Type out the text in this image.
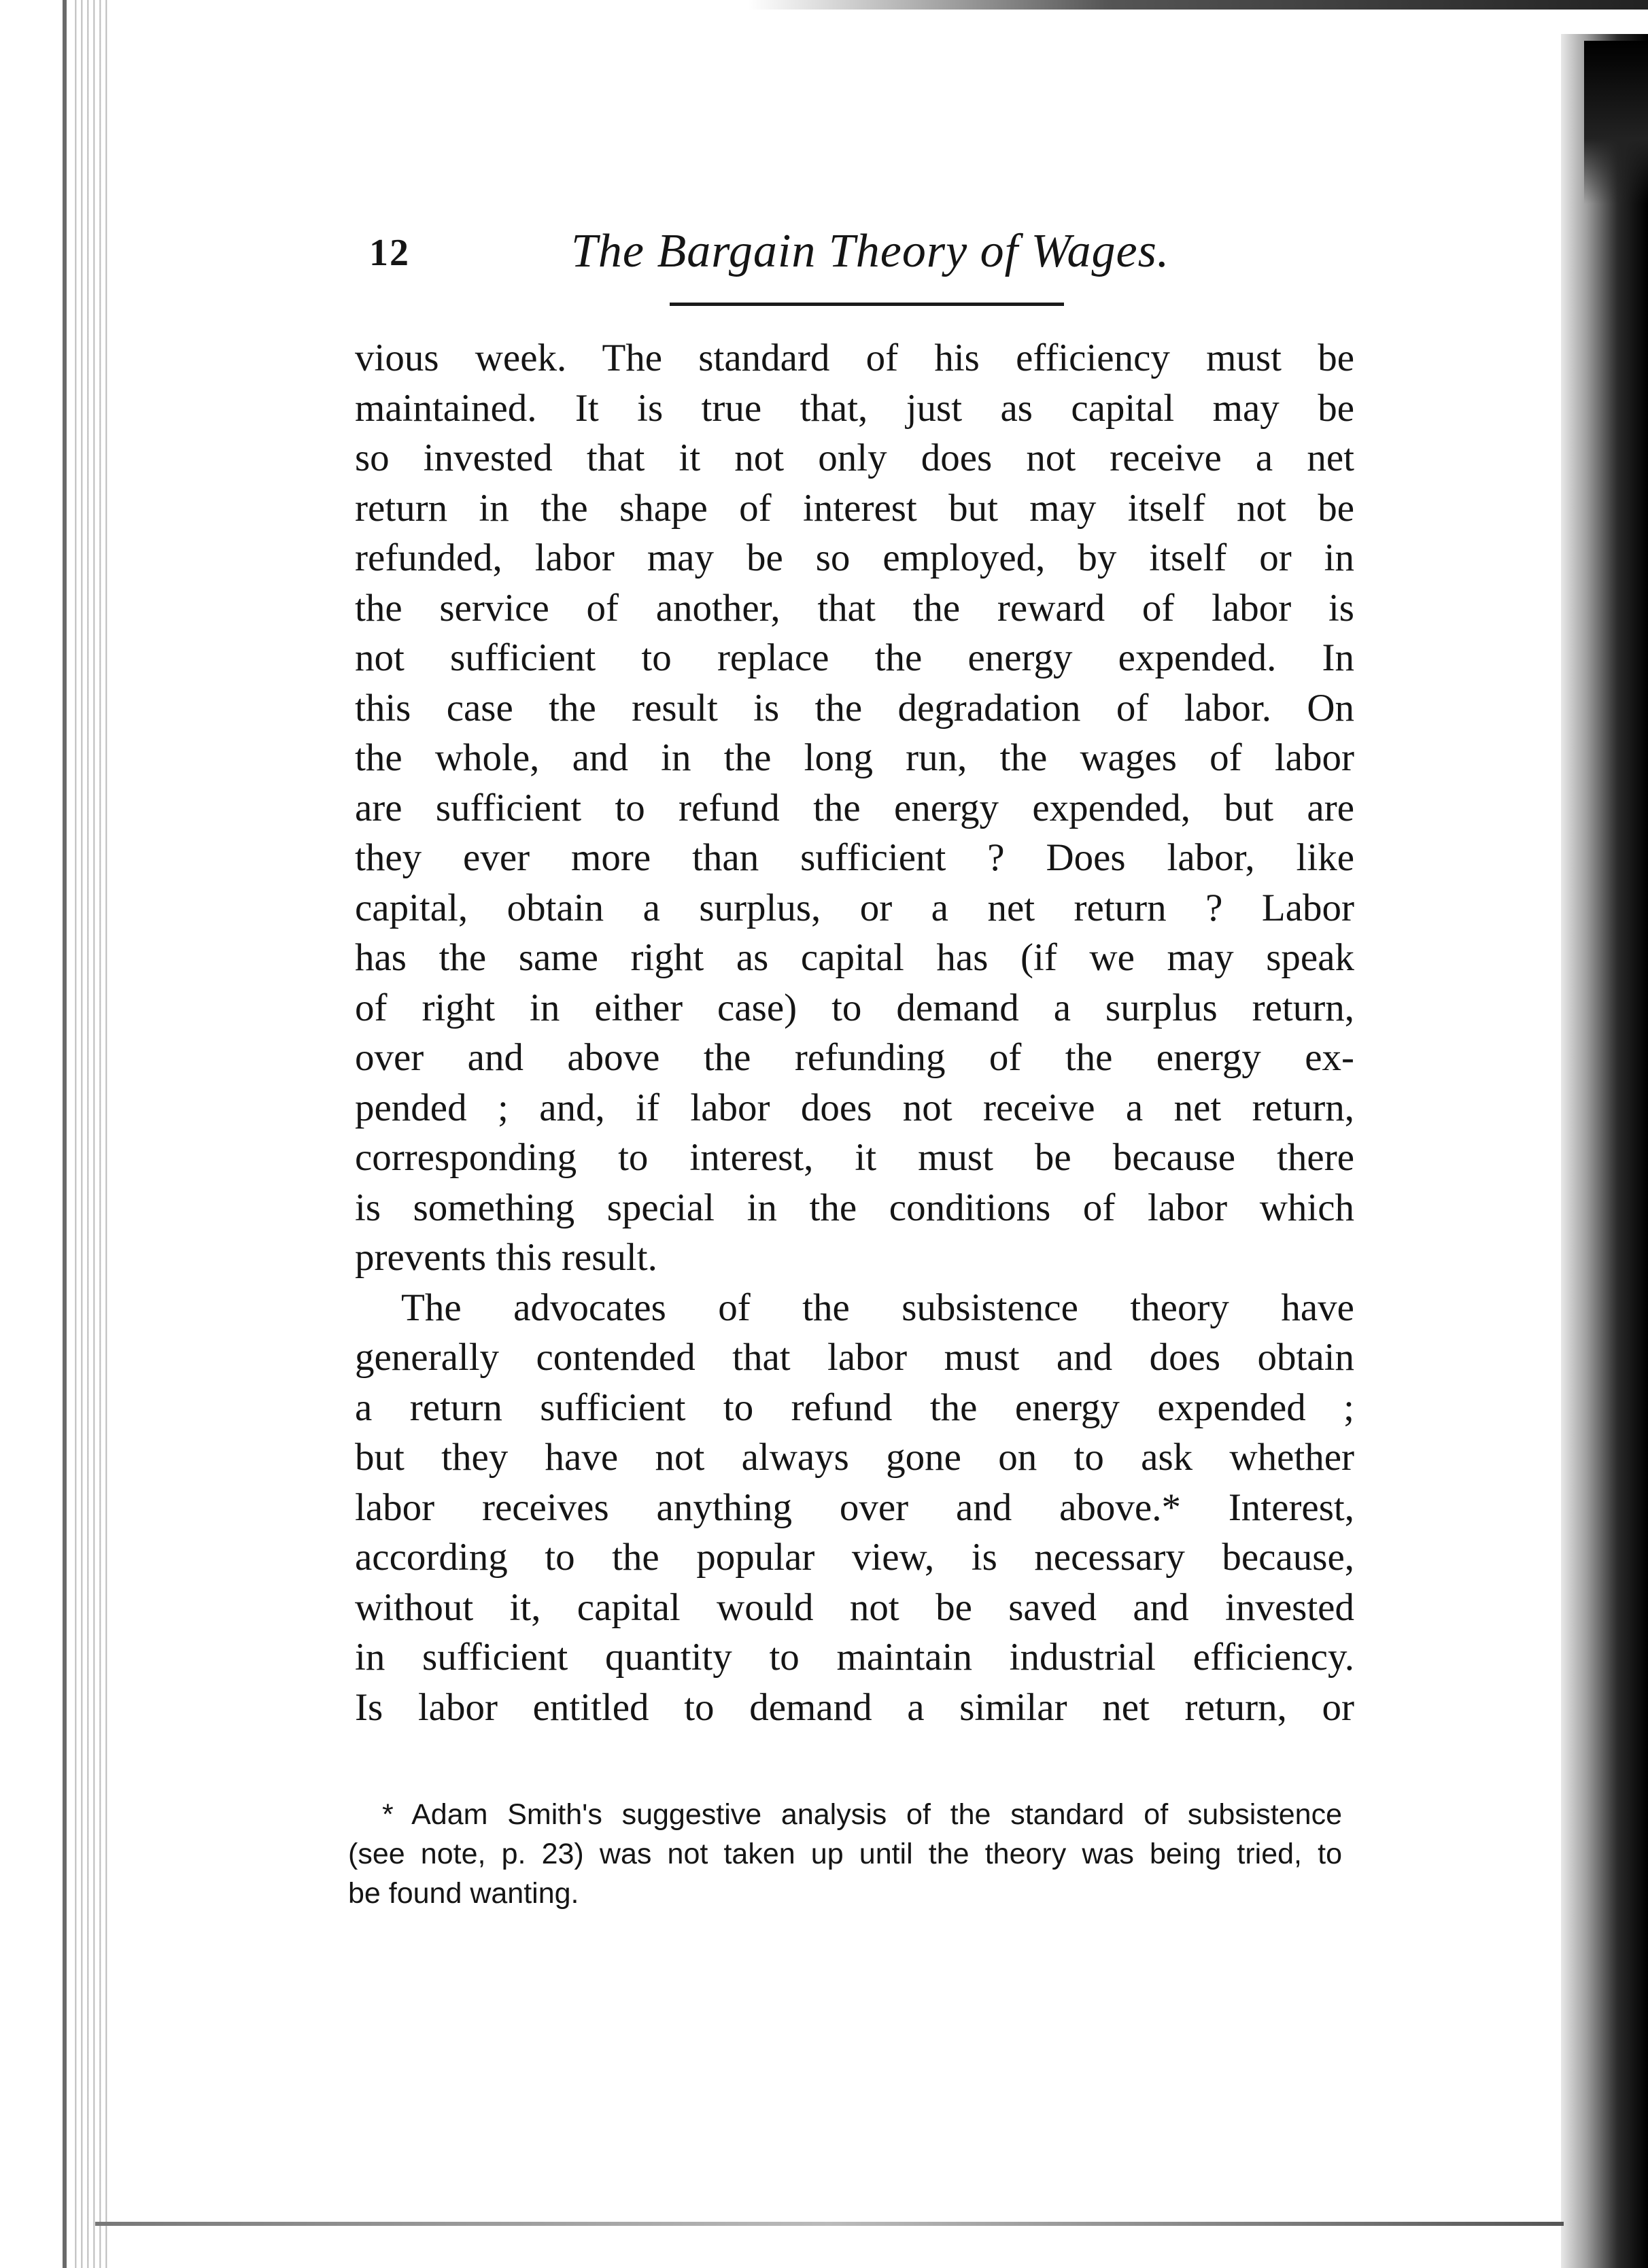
12	The Bargain Theory of Wages.
vious week. The standard of his efficiency must be
maintained. It is true that, just as capital may be
so invested that it not only does not receive a net
return in the shape of interest but may itself not be
refunded, labor may be so employed, by itself or in
the service of another, that the reward of labor is
not sufficient to replace the energy expended. In
this case the result is the degradation of labor. On
the whole, and in the long run, the wages of labor
are sufficient to refund the energy expended, but are
they ever more than sufficient ? Does labor, like
capital, obtain a surplus, or a net return ? Labor
has the same right as capital has (if we may speak
of right in either case) to demand a surplus return,
over and above the refunding of the energy ex-
pended ; and, if labor does not receive a net return,
corresponding to interest, it must be because there
is something special in the conditions of labor which
prevents this result.
The advocates of the subsistence theory have
generally contended that labor must and does obtain
a return sufficient to refund the energy expended ;
but they have not always gone on to ask whether
labor receives anything over and above.* Interest,
according to the popular view, is necessary because,
without it, capital would not be saved and invested
in sufficient quantity to maintain industrial efficiency.
Is labor entitled to demand a similar net return, or
* Adam Smith's suggestive analysis of the standard of subsistence
(see note, p. 23) was not taken up until the theory was being tried, to
be found wanting.
